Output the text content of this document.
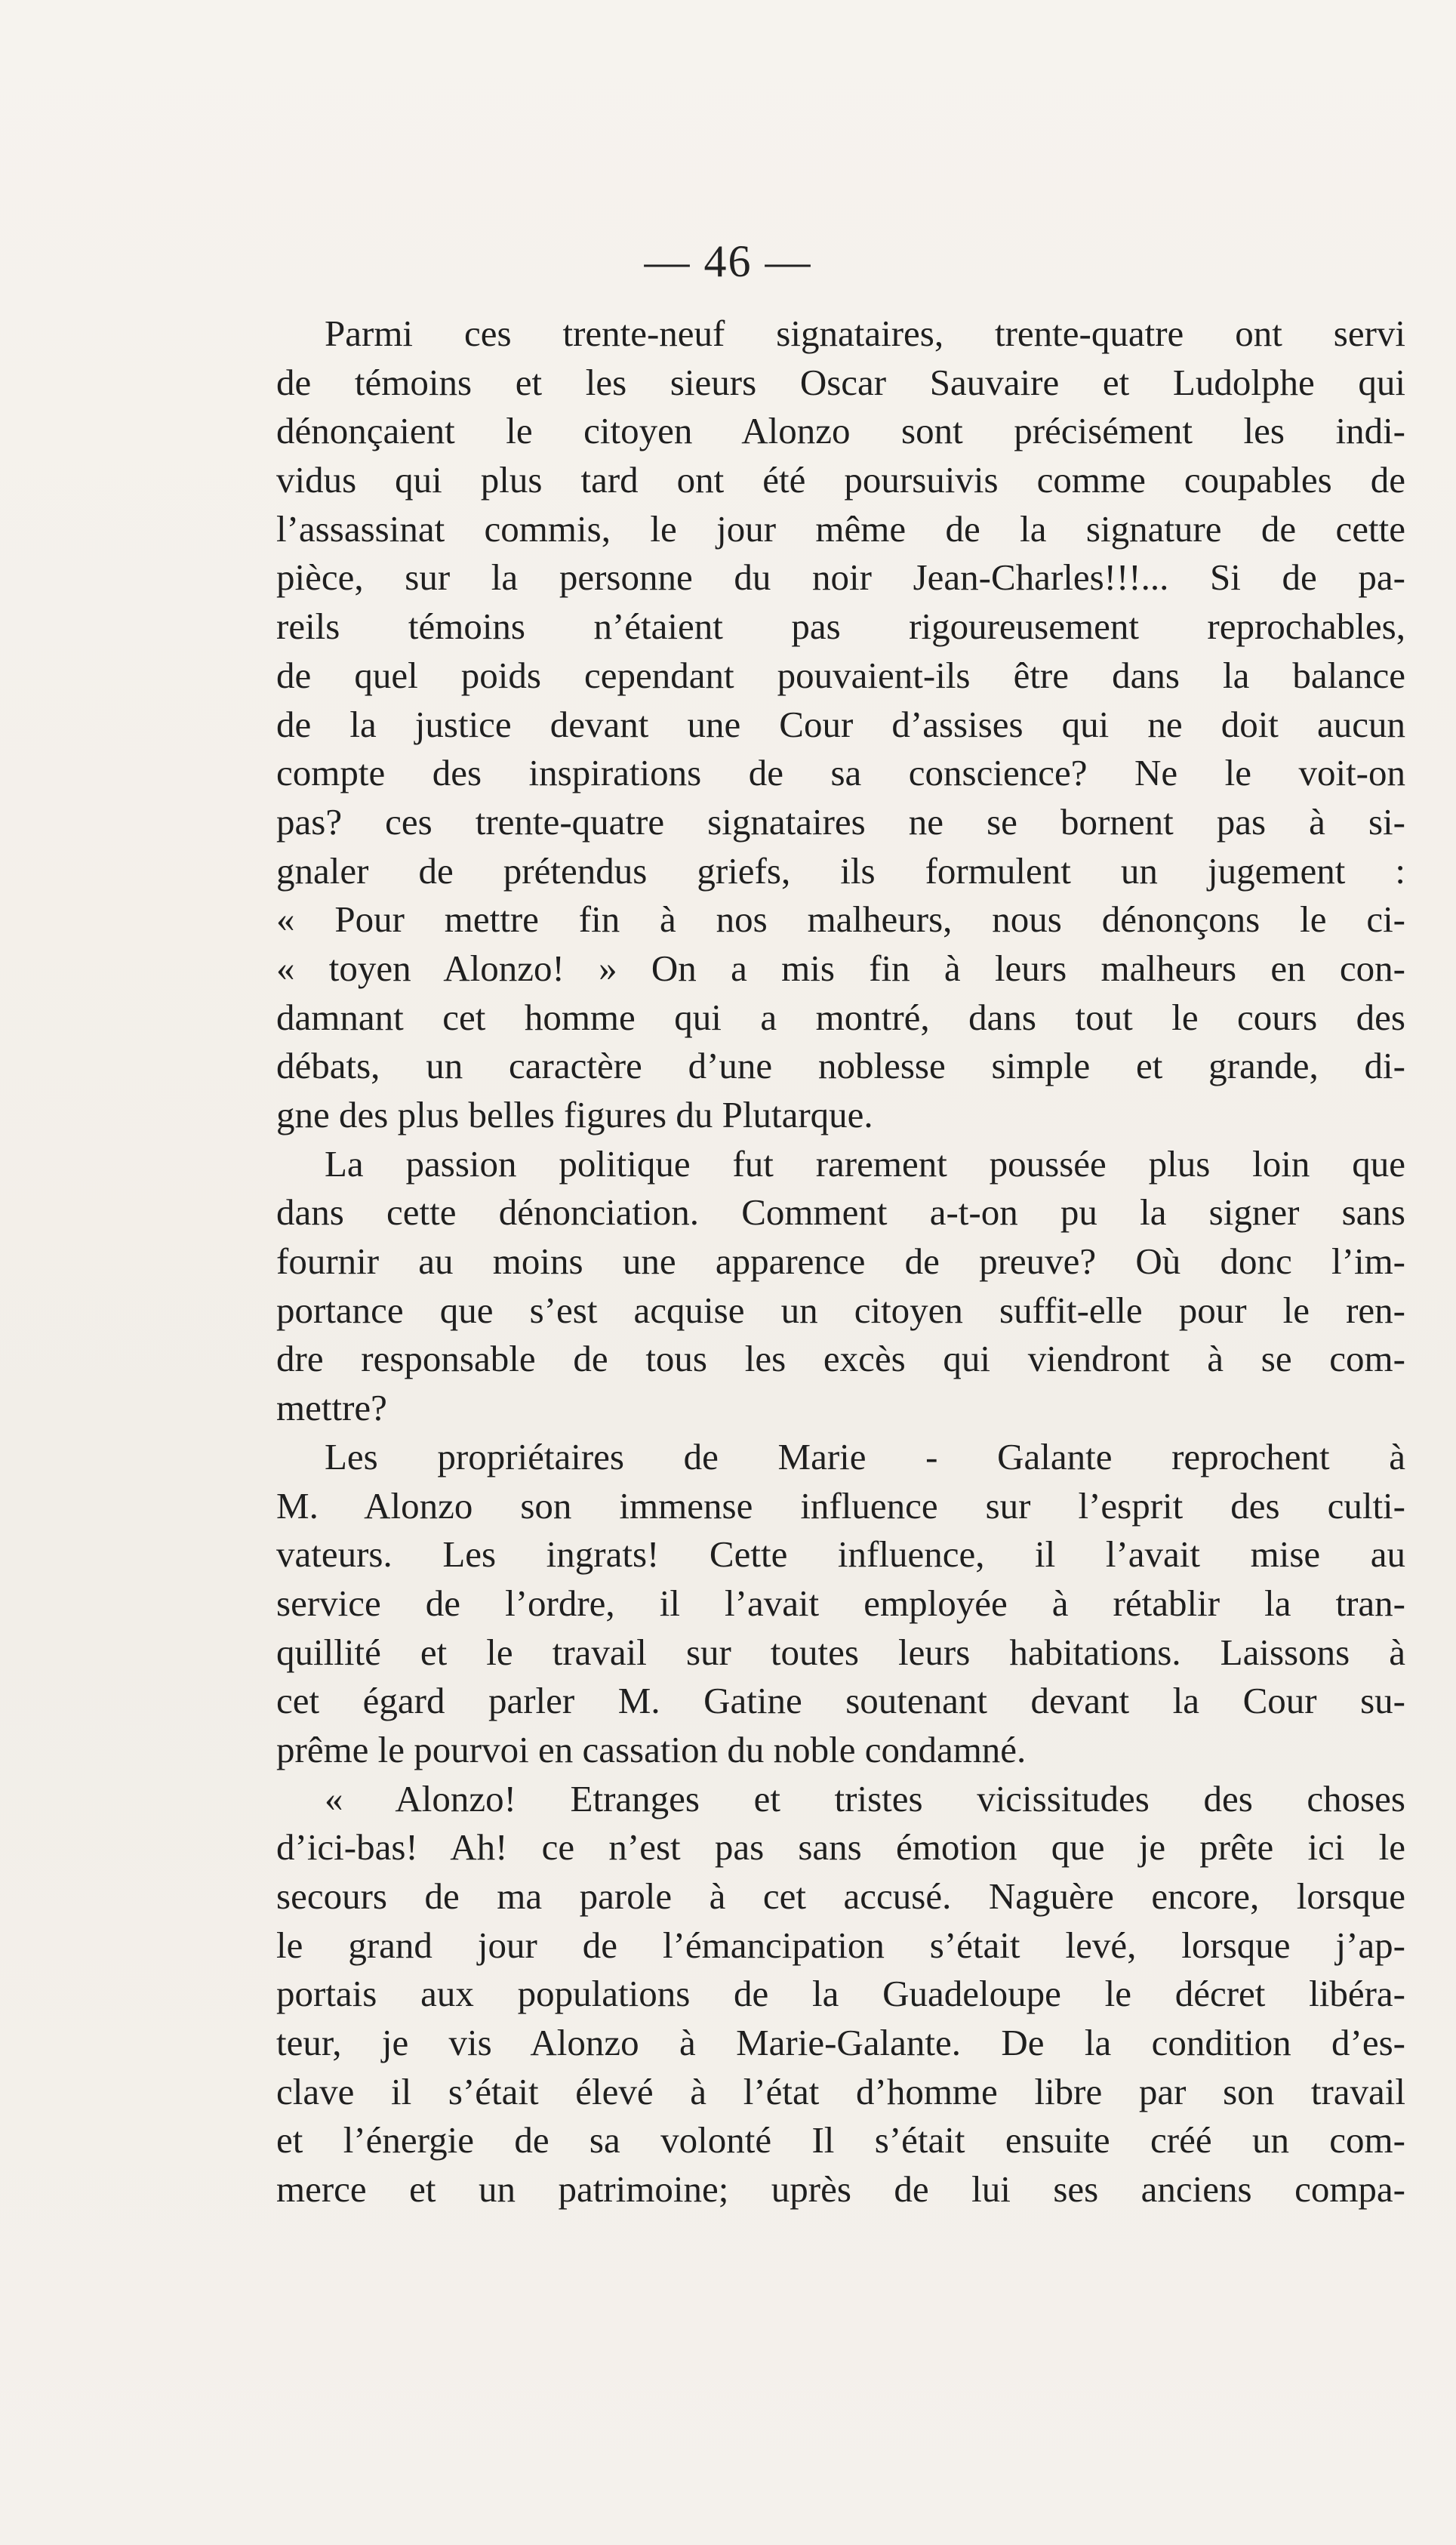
— 46 —
Parmi ces trente-neuf signataires, trente-quatre ont servi
de témoins et les sieurs Oscar Sauvaire et Ludolphe qui
dénonçaient le citoyen Alonzo sont précisément les indi-
vidus qui plus tard ont été poursuivis comme coupables de
l’assassinat commis, le jour même de la signature de cette
pièce, sur la personne du noir Jean-Charles!!!... Si de pa-
reils témoins n’étaient pas rigoureusement reprochables,
de quel poids cependant pouvaient-ils être dans la balance
de la justice devant une Cour d’assises qui ne doit aucun
compte des inspirations de sa conscience? Ne le voit-on
pas? ces trente-quatre signataires ne se bornent pas à si-
gnaler de prétendus griefs, ils formulent un jugement :
« Pour mettre fin à nos malheurs, nous dénonçons le ci-
« toyen Alonzo! » On a mis fin à leurs malheurs en con-
damnant cet homme qui a montré, dans tout le cours des
débats, un caractère d’une noblesse simple et grande, di-
gne des plus belles figures du Plutarque.
La passion politique fut rarement poussée plus loin que
dans cette dénonciation. Comment a-t-on pu la signer sans
fournir au moins une apparence de preuve? Où donc l’im-
portance que s’est acquise un citoyen suffit-elle pour le ren-
dre responsable de tous les excès qui viendront à se com-
mettre?
Les propriétaires de Marie - Galante reprochent à
M. Alonzo son immense influence sur l’esprit des culti-
vateurs. Les ingrats! Cette influence, il l’avait mise au
service de l’ordre, il l’avait employée à rétablir la tran-
quillité et le travail sur toutes leurs habitations. Laissons à
cet égard parler M. Gatine soutenant devant la Cour su-
prême le pourvoi en cassation du noble condamné.
« Alonzo! Etranges et tristes vicissitudes des choses
d’ici-bas! Ah! ce n’est pas sans émotion que je prête ici le
secours de ma parole à cet accusé. Naguère encore, lorsque
le grand jour de l’émancipation s’était levé, lorsque j’ap-
portais aux populations de la Guadeloupe le décret libéra-
teur, je vis Alonzo à Marie-Galante. De la condition d’es-
clave il s’était élevé à l’état d’homme libre par son travail
et l’énergie de sa volonté Il s’était ensuite créé un com-
merce et un patrimoine; uprès de lui ses anciens compa-
